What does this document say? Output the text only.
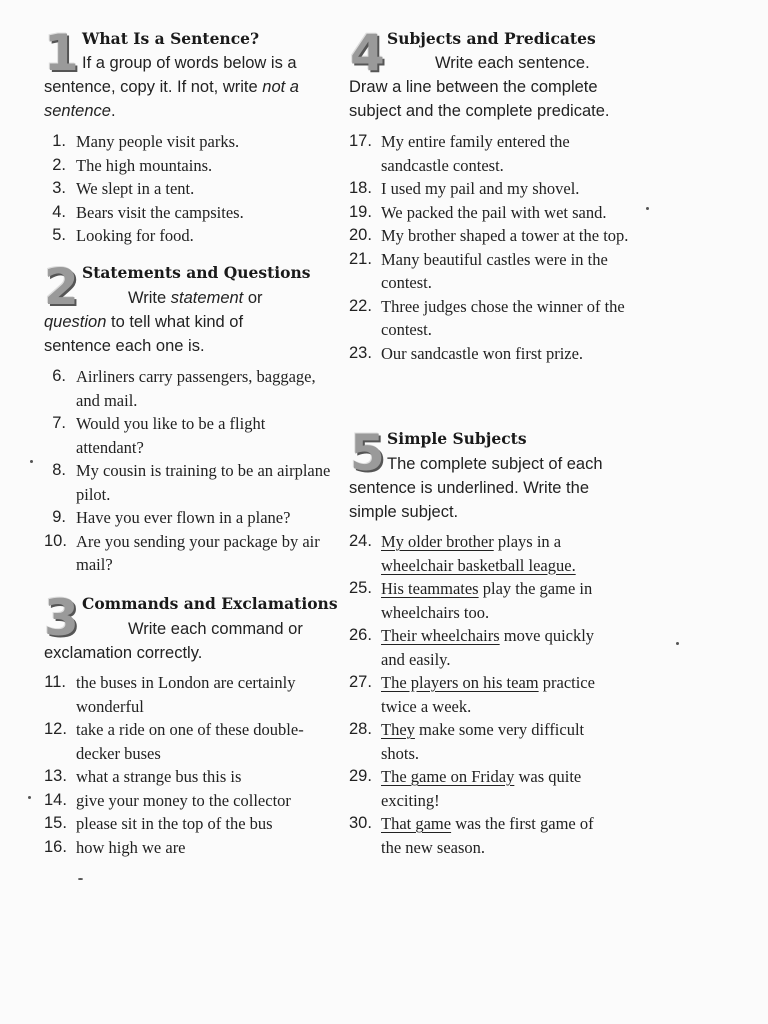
1 What Is a Sentence?
If a group of words below is a
sentence, copy it. If not, write not a sentence.
1. Many people visit parks.
2. The high mountains.
3. We slept in a tent.
4. Bears visit the campsites.
5. Looking for food.
2 Statements and Questions
Write statement or
question to tell what kind of
sentence each one is.
6. Airliners carry passengers, baggage, and mail.
7. Would you like to be a flight attendant?
8. My cousin is training to be an airplane pilot.
9. Have you ever flown in a plane?
10. Are you sending your package by air mail?
3 Commands and Exclamations
Write each command or
exclamation correctly.
11. the buses in London are certainly wonderful
12. take a ride on one of these double-decker buses
13. what a strange bus this is
14. give your money to the collector
15. please sit in the top of the bus
16. how high we are
4 Subjects and Predicates
Write each sentence.
Draw a line between the complete
subject and the complete predicate.
17. My entire family entered the sandcastle contest.
18. I used my pail and my shovel.
19. We packed the pail with wet sand.
20. My brother shaped a tower at the top.
21. Many beautiful castles were in the contest.
22. Three judges chose the winner of the contest.
23. Our sandcastle won first prize.
5 Simple Subjects
The complete subject of each
sentence is underlined. Write the
simple subject.
24. My older brother plays in a
wheelchair basketball league.
25. His teammates play the game in
wheelchairs too.
26. Their wheelchairs move quickly
and easily.
27. The players on his team practice
twice a week.
28. They make some very difficult
shots.
29. The game on Friday was quite
exciting!
30. That game was the first game of
the new season.
